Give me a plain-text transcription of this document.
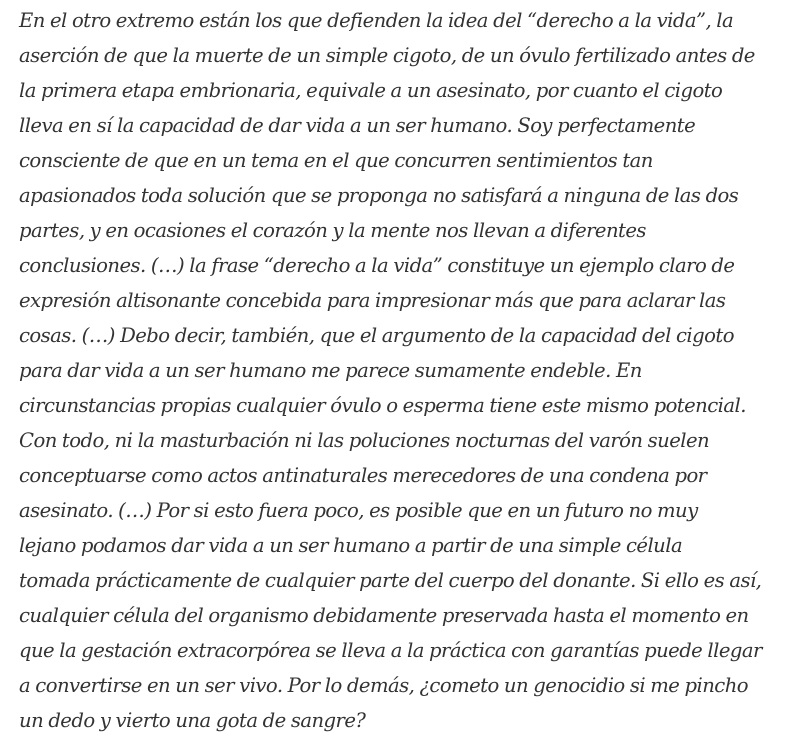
En el otro extremo están los que defienden la idea del “derecho a la vida”, la
aserción de que la muerte de un simple cigoto, de un óvulo fertilizado antes de
la primera etapa embrionaria, equivale a un asesinato, por cuanto el cigoto
lleva en sí la capacidad de dar vida a un ser humano. Soy perfectamente
consciente de que en un tema en el que concurren sentimientos tan
apasionados toda solución que se proponga no satisfará a ninguna de las dos
partes, y en ocasiones el corazón y la mente nos llevan a diferentes
conclusiones. (…) la frase “derecho a la vida” constituye un ejemplo claro de
expresión altisonante concebida para impresionar más que para aclarar las
cosas. (…) Debo decir, también, que el argumento de la capacidad del cigoto
para dar vida a un ser humano me parece sumamente endeble. En
circunstancias propias cualquier óvulo o esperma tiene este mismo potencial.
Con todo, ni la masturbación ni las poluciones nocturnas del varón suelen
conceptuarse como actos antinaturales merecedores de una condena por
asesinato. (…) Por si esto fuera poco, es posible que en un futuro no muy
lejano podamos dar vida a un ser humano a partir de una simple célula
tomada prácticamente de cualquier parte del cuerpo del donante. Si ello es así,
cualquier célula del organismo debidamente preservada hasta el momento en
que la gestación extracorpórea se lleva a la práctica con garantías puede llegar
a convertirse en un ser vivo. Por lo demás, ¿cometo un genocidio si me pincho
un dedo y vierto una gota de sangre?
